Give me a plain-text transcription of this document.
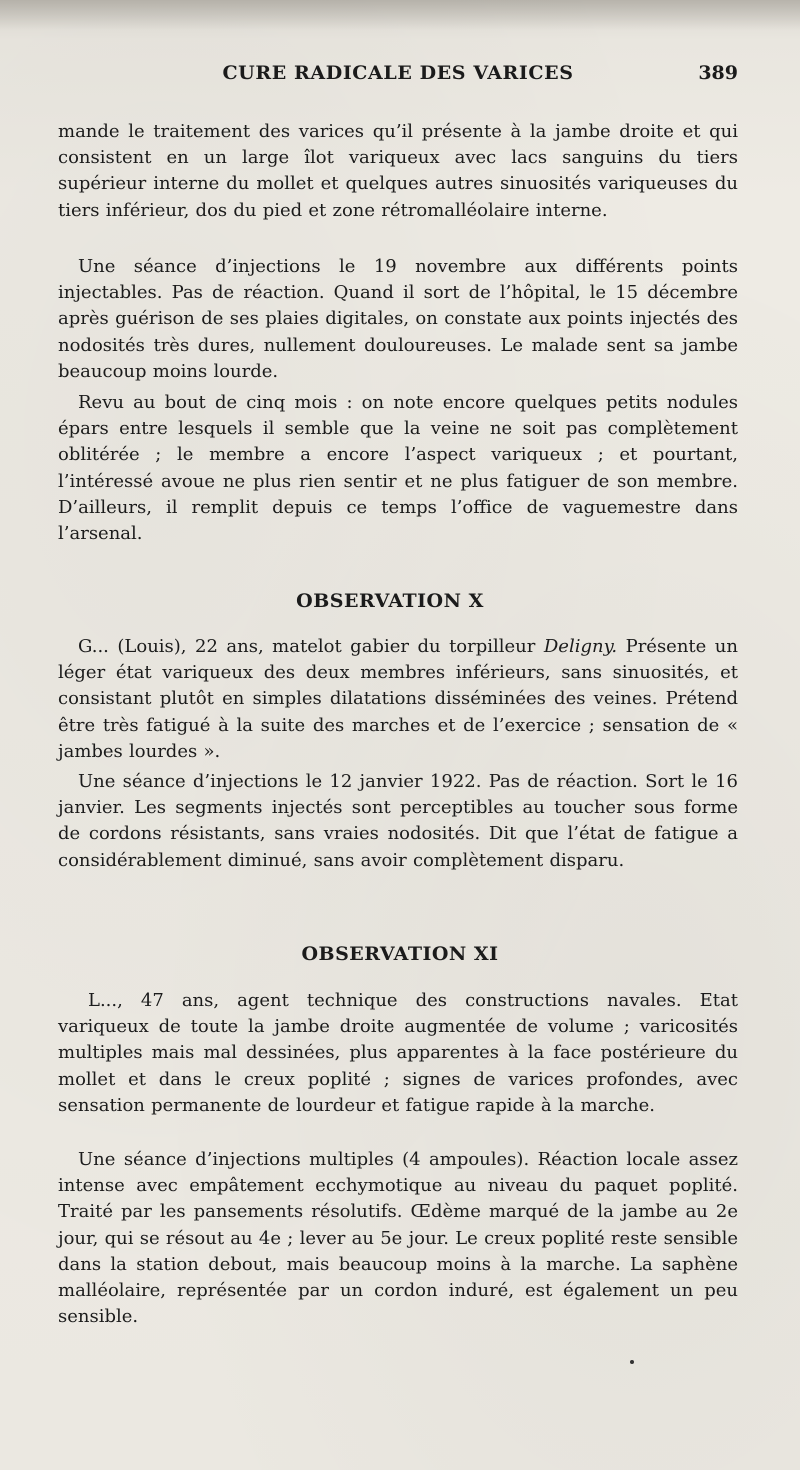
CURE RADICALE DES VARICES	389

mande le traitement des varices qu’il présente à la jambe droite et qui consistent en un large îlot variqueux avec lacs sanguins du tiers supérieur interne du mollet et quelques autres sinuosités variqueuses du tiers inférieur, dos du pied et zone rétromalléolaire interne.

Une séance d’injections le 19 novembre aux différents points injectables. Pas de réaction. Quand il sort de l’hôpital, le 15 décembre après guérison de ses plaies digitales, on constate aux points injectés des nodosités très dures, nullement douloureuses. Le malade sent sa jambe beaucoup moins lourde.

Revu au bout de cinq mois : on note encore quelques petits nodules épars entre lesquels il semble que la veine ne soit pas complètement oblitérée ; le membre a encore l’aspect variqueux ; et pourtant, l’intéressé avoue ne plus rien sentir et ne plus fatiguer de son membre. D’ailleurs, il remplit depuis ce temps l’office de vaguemestre dans l’arsenal.

OBSERVATION X

G... (Louis), 22 ans, matelot gabier du torpilleur Deligny. Présente un léger état variqueux des deux membres inférieurs, sans sinuosités, et consistant plutôt en simples dilatations disséminées des veines. Prétend être très fatigué à la suite des marches et de l’exercice ; sensation de « jambes lourdes ».

Une séance d’injections le 12 janvier 1922. Pas de réaction. Sort le 16 janvier. Les segments injectés sont perceptibles au toucher sous forme de cordons résistants, sans vraies nodosités. Dit que l’état de fatigue a considérablement diminué, sans avoir complètement disparu.

OBSERVATION XI

L..., 47 ans, agent technique des constructions navales. Etat variqueux de toute la jambe droite augmentée de volume ; varicosités multiples mais mal dessinées, plus apparentes à la face postérieure du mollet et dans le creux poplité ; signes de varices profondes, avec sensation permanente de lourdeur et fatigue rapide à la marche.

Une séance d’injections multiples (4 ampoules). Réaction locale assez intense avec empâtement ecchymotique au niveau du paquet poplité. Traité par les pansements résolutifs. Œdème marqué de la jambe au 2e jour, qui se résout au 4e ; lever au 5e jour. Le creux poplité reste sensible dans la station debout, mais beaucoup moins à la marche. La saphène malléolaire, représentée par un cordon induré, est également un peu sensible.
